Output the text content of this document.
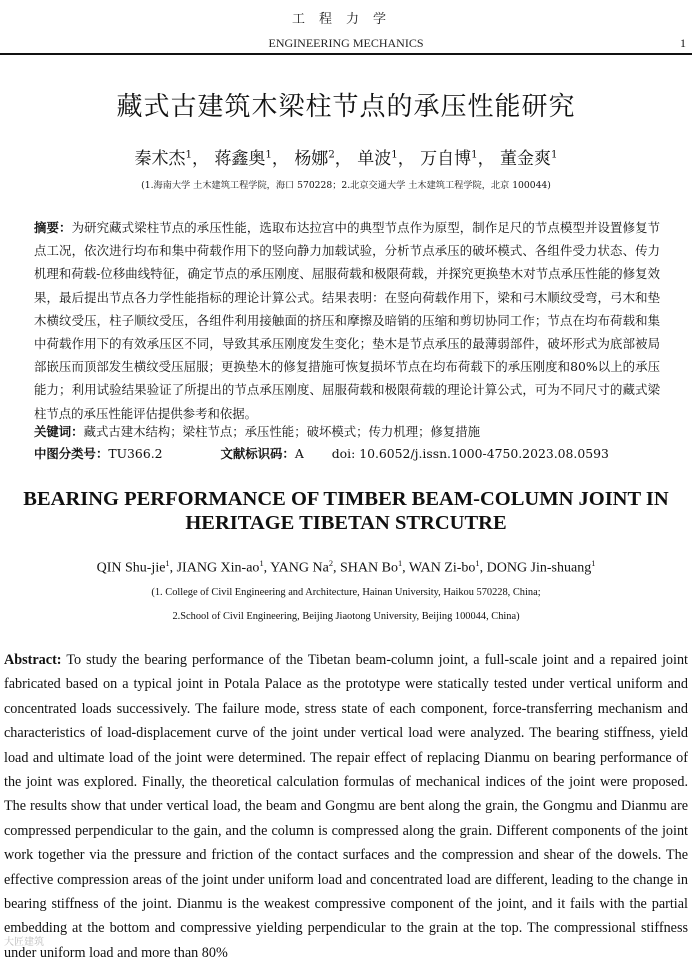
工程力学
ENGINEERING MECHANICS	1
藏式古建筑木梁柱节点的承压性能研究
秦术杰$^1$， 蒋鑫奥$^1$， 杨娜$^2$， 单波$^1$， 万自博$^1$， 董金爽$^1$
(1.海南大学 土木建筑工程学院，海口 570228；2.北京交通大学 土木建筑工程学院，北京 100044)
摘要：为研究藏式梁柱节点的承压性能，选取布达拉宫中的典型节点作为原型，制作足尺的节点模型并设置修复节点工况，依次进行均布和集中荷载作用下的竖向静力加载试验，分析节点承压的破坏模式、各组件受力状态、传力机理和荷载-位移曲线特征，确定节点的承压刚度、屈服荷载和极限荷载，并探究更换垫木对节点承压性能的修复效果，最后提出节点各力学性能指标的理论计算公式。结果表明：在竖向荷载作用下，梁和弓木顺纹受弯，弓木和垫木横纹受压，柱子顺纹受压，各组件利用接触面的挤压和摩擦及暗销的压缩和剪切协同工作；节点在均布荷载和集中荷载作用下的有效承压区不同，导致其承压刚度发生变化；垫木是节点承压的最薄弱部件，破坏形式为底部被局部嵌压而顶部发生横纹受压屈服；更换垫木的修复措施可恢复损坏节点在均布荷载下的承压刚度和80%以上的承压能力；利用试验结果验证了所提出的节点承压刚度、屈服荷载和极限荷载的理论计算公式，可为不同尺寸的藏式梁柱节点的承压性能评估提供参考和依据。
关键词：藏式古建木结构；梁柱节点；承压性能；破坏模式；传力机理；修复措施
中图分类号：TU366.2	文献标识码：A doi: 10.6052/j.issn.1000-4750.2023.08.0593
BEARING PERFORMANCE OF TIMBER BEAM-COLUMN JOINT IN
HERITAGE TIBETAN STRCUTRE
QIN Shu-jie$^1$, JIANG Xin-$ao^1$, YANG Na$^2$, SHAN Bo$^1$, WAN $Zi-bo^1$, DONG Jin-shuang$^1$
(1. College of Civil Engineering and Architecture, Hainan University, Haikou 570228, China;
2.School of Civil Engineering, Beijing Jiaotong University, Beijing 100044, China)
Abstract: To study the bearing performance of the Tibetan beam-column joint, a full-scale joint and a repaired joint fabricated based on a typical joint in Potala Palace as the prototype were statically tested under vertical uniform and concentrated loads successively. The failure mode, stress state of each component, force-transferring mechanism and characteristics of load-displacement curve of the joint under vertical load were analyzed. The bearing stiffness, yield load and ultimate load of the joint were determined. The repair effect of replacing Dianmu on bearing performance of the joint was explored. Finally, the theoretical calculation formulas of mechanical indices of the joint were proposed. The results show that under vertical load, the beam and Gongmu are bent along the grain, the Gongmu and Dianmu are compressed perpendicular to the gain, and the column is compressed along the grain. Different components of the joint work together via the pressure and friction of the contact surfaces and the compression and shear of the dowels. The effective compression areas of the joint under uniform load and concentrated load are different, leading to the change in bearing stiffness of the joint. Dianmu is the weakest compressive component of the joint, and it fails with the partial embedding at the bottom and compressive yielding perpendicular to the grain at the top. The compressional stiffness under uniform load and more than 80%
大匠建筑
